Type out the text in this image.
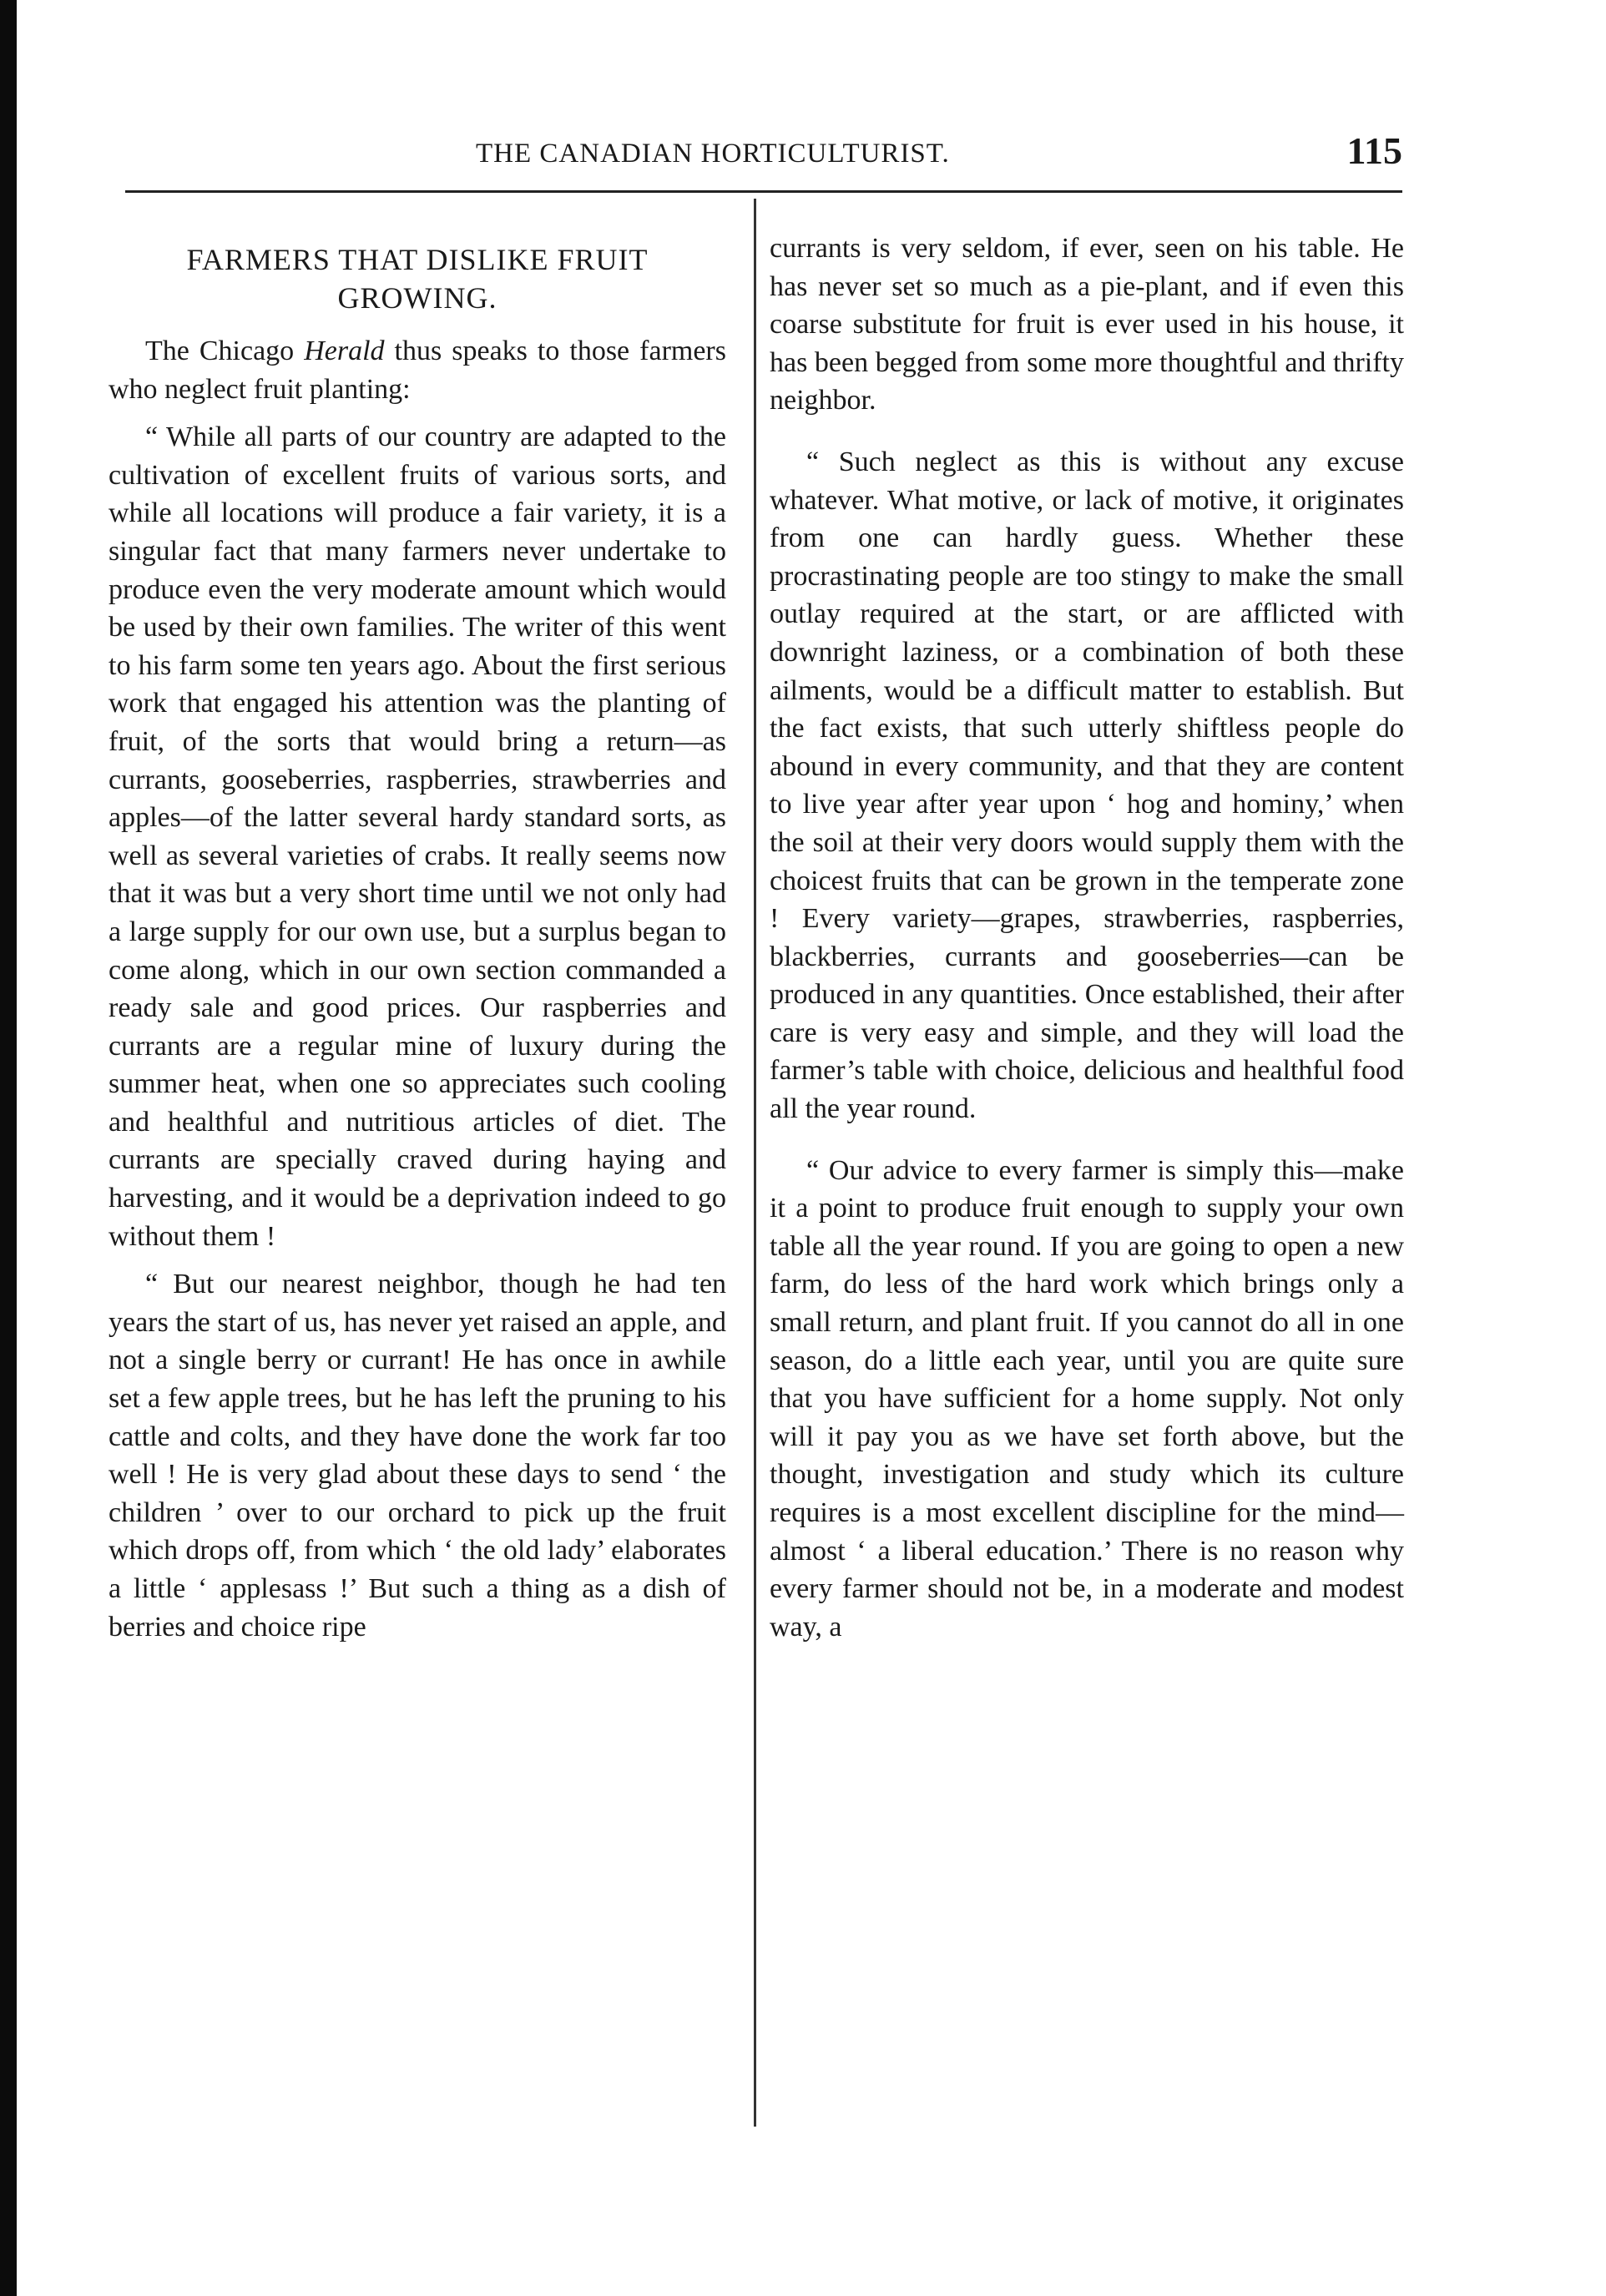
THE CANADIAN HORTICULTURIST.	115
FARMERS THAT DISLIKE FRUIT GROWING.

The Chicago Herald thus speaks to those farmers who neglect fruit planting:

“ While all parts of our country are adapted to the cultivation of excellent fruits of various sorts, and while all locations will produce a fair variety, it is a singular fact that many farmers never undertake to produce even the very moderate amount which would be used by their own families. The writer of this went to his farm some ten years ago. About the first serious work that engaged his attention was the planting of fruit, of the sorts that would bring a return—as currants, gooseberries, raspberries, strawberries and apples—of the latter several hardy standard sorts, as well as several varieties of crabs. It really seems now that it was but a very short time until we not only had a large supply for our own use, but a surplus began to come along, which in our own section commanded a ready sale and good prices. Our raspberries and currants are a regular mine of luxury during the summer heat, when one so appreciates such cooling and healthful and nutritious articles of diet. The currants are specially craved during haying and harvesting, and it would be a deprivation indeed to go without them !

“ But our nearest neighbor, though he had ten years the start of us, has never yet raised an apple, and not a single berry or currant! He has once in awhile set a few apple trees, but he has left the pruning to his cattle and colts, and they have done the work far too well ! He is very glad about these days to send ‘ the children ’ over to our orchard to pick up the fruit which drops off, from which ‘ the old lady’ elaborates a little ‘ applesass !’ But such a thing as a dish of berries and choice ripe

currants is very seldom, if ever, seen on his table. He has never set so much as a pie-plant, and if even this coarse substitute for fruit is ever used in his house, it has been begged from some more thoughtful and thrifty neighbor.

“ Such neglect as this is without any excuse whatever. What motive, or lack of motive, it originates from one can hardly guess. Whether these procrastinating people are too stingy to make the small outlay required at the start, or are afflicted with downright laziness, or a combination of both these ailments, would be a difficult matter to establish. But the fact exists, that such utterly shiftless people do abound in every community, and that they are content to live year after year upon ‘ hog and hominy,’ when the soil at their very doors would supply them with the choicest fruits that can be grown in the temperate zone ! Every variety—grapes, strawberries, raspberries, blackberries, currants and gooseberries—can be produced in any quantities. Once established, their after care is very easy and simple, and they will load the farmer’s table with choice, delicious and healthful food all the year round.

“ Our advice to every farmer is simply this—make it a point to produce fruit enough to supply your own table all the year round. If you are going to open a new farm, do less of the hard work which brings only a small return, and plant fruit. If you cannot do all in one season, do a little each year, until you are quite sure that you have sufficient for a home supply. Not only will it pay you as we have set forth above, but the thought, investigation and study which its culture requires is a most excellent discipline for the mind—almost ‘ a liberal education.’ There is no reason why every farmer should not be, in a moderate and modest way, a
